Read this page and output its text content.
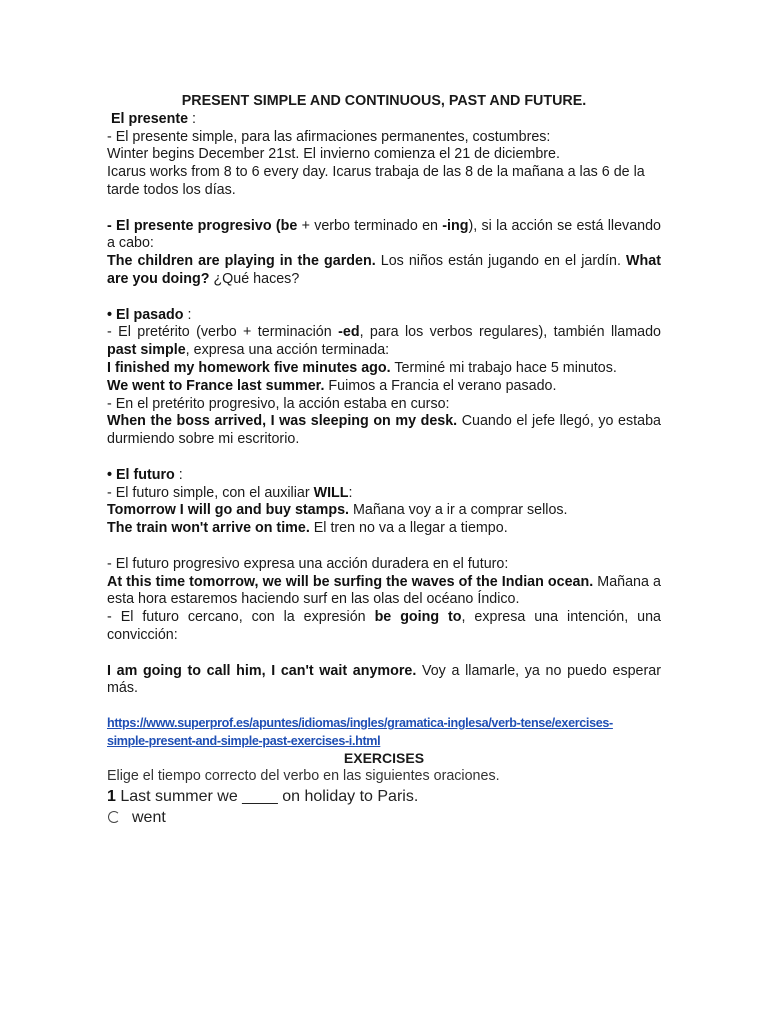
PRESENT SIMPLE AND CONTINUOUS, PAST AND FUTURE.

El presente :

- El presente simple, para las afirmaciones permanentes, costumbres:

Winter begins December 21st. El invierno comienza el 21 de diciembre.

Icarus works from 8 to 6 every day. Icarus trabaja de las 8 de la mañana a las 6 de la tarde todos los días.

- El presente progresivo (be + verbo terminado en -ing), si la acción se está llevando a cabo:

The children are playing in the garden. Los niños están jugando en el jardín. What are you doing? ¿Qué haces?

• El pasado :

- El pretérito (verbo + terminación -ed, para los verbos regulares), también llamado past simple, expresa una acción terminada:

I finished my homework five minutes ago. Terminé mi trabajo hace 5 minutos.

We went to France last summer. Fuimos a Francia el verano pasado.

- En el pretérito progresivo, la acción estaba en curso:

When the boss arrived, I was sleeping on my desk. Cuando el jefe llegó, yo estaba durmiendo sobre mi escritorio.

• El futuro :

- El futuro simple, con el auxiliar WILL:

Tomorrow I will go and buy stamps. Mañana voy a ir a comprar sellos.

The train won't arrive on time. El tren no va a llegar a tiempo.

- El futuro progresivo expresa una acción duradera en el futuro:

At this time tomorrow, we will be surfing the waves of the Indian ocean. Mañana a esta hora estaremos haciendo surf en las olas del océano Índico.

- El futuro cercano, con la expresión be going to, expresa una intención, una convicción:

I am going to call him, I can't wait anymore. Voy a llamarle, ya no puedo esperar más.

https://www.superprof.es/apuntes/idiomas/ingles/gramatica-inglesa/verb-tense/exercises-
simple-present-and-simple-past-exercises-i.html

EXERCISES

Elige el tiempo correcto del verbo en las siguientes oraciones.

1 Last summer we ____ on holiday to Paris.

went
